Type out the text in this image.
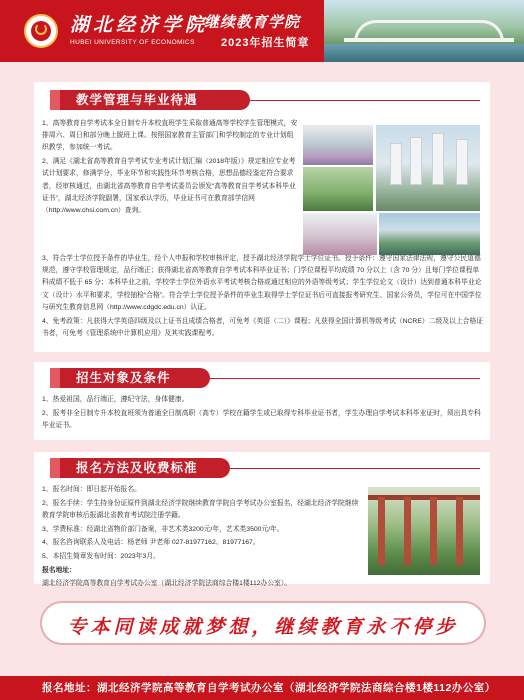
湖北经济学院
HUBEI UNIVERSITY OF ECONOMICS
继续教育学院
2023年招生简章
教学管理与毕业待遇

1、高等教育自学考试本全日制专升本校直班学生采取普通高等学校学生管理模式，安排周六、周日和部分晚上脱班上课。按照国家教育主管部门和学校制定的专业计划组织教学，参加统一考试。

2、满足《湖北省高等教育自学考试专业考试计划汇编（2018年版）》规定相应专业考试计划要求，修满学分，毕业环节和实践性环节考核合格，思想品德经鉴定符合要求者，经审核通过，由湖北省高等教育自学考试委员会颁发“高等教育自学考试本科毕业证书”，湖北经济学院副署，国家承认学历，毕业证书可在教育部学信网（http://www.chsi.com.cn）查询。

3、符合学士学位授予条件的毕业生，经个人申报和学校审核评定，授予湖北经济学院学士学位证书。授予条件：遵守国家法律法规，遵守公民道德规范，遵守学校管理规定，品行端正；获得湖北省高等教育自学考试本科毕业证书；门学位课程平均成绩 70 分以上（含 70 分）且每门学位课程单科成绩不低于 65 分；本科毕业之前，学校学士学位外语水平考试考核合格或通过相应的外语等级考试；学生学位论文（设计）达到普通本科毕业论文（设计）水平和要求，学校抽检“合格”。符合学士学位授予条件的毕业生取得学士学位证书后可直接报考研究生、国家公务员，学位可在中国学位与研究生教育信息网（http://www.cdgdc.edu.cn）认证。

4、免考政策：凡获得大学英语四级及以上证书且成绩合格者，可免考《英语（二）》课程；凡获得全国计算机等级考试（NCRE）二级及以上合格证书者，可免考《管理系统中计算机应用》及其实践课程考。

招生对象及条件

1、热爱祖国，品行端正，遵纪守法，身体健康。

2、报考非全日制专升本校直班须为普通全日制高职（高专）学校在籍学生或已取得专科毕业证书者，学生办理自学考试本科毕业证时，须出具专科毕业证书。

报名方法及收费标准

1、报名时间：即日起开始报名。

2、报名手续：学生持身份证原件到湖北经济学院继续教育学院自学考试办公室报名，经湖北经济学院继续教育学院审核后报湖北省教育考试院注册学籍。

3、学费标准：经湖北省物价部门备案，非艺术类3200元/年，艺术类3500元/年。

4、报名咨询联系人及电话：杨老师 尹老师 027-81977162、81977167。

5、本招生简章发布时间：2023年3月。

报名地址：

湖北经济学院高等教育自学考试办公室（湖北经济学院法商综合楼1楼112办公室）。

专本同读成就梦想，继续教育永不停步
报名地址：湖北经济学院高等教育自学考试办公室（湖北经济学院法商综合楼1楼112办公室）
